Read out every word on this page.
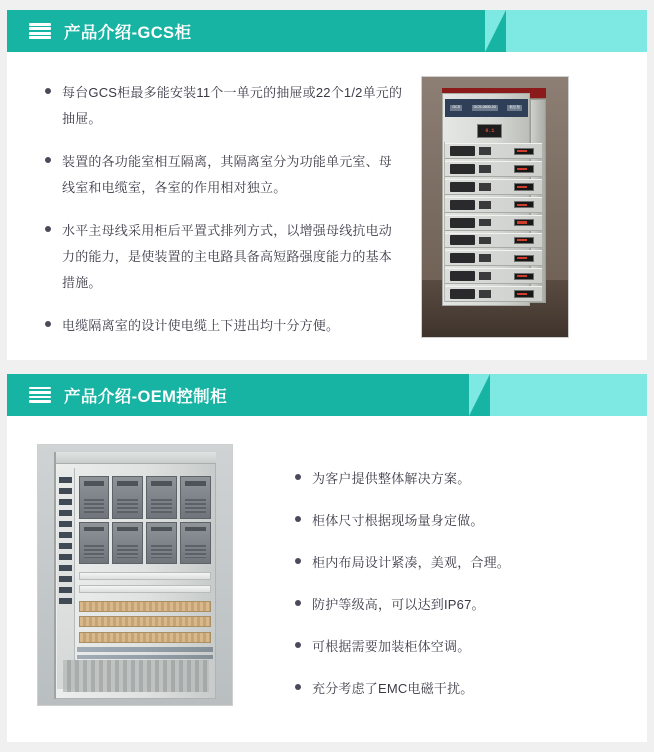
产品介绍-GCS柜
每台GCS柜最多能安装11个一单元的抽屉或22个1/2单元的抽屉。
装置的各功能室相互隔离，其隔离室分为功能单元室、母线室和电缆室，各室的作用相对独立。
水平主母线采用柜后平置式排列方式，以增强母线抗电动力的能力，是使装置的主电路具备高短路强度能力的基本措施。
电缆隔离室的设计使电缆上下进出均十分方便。
GCS	GCS-0600-03	低压柜
0.1
产品介绍-OEM控制柜
为客户提供整体解决方案。
柜体尺寸根据现场量身定做。
柜内布局设计紧凑，美观，合理。
防护等级高，可以达到IP67。
可根据需要加装柜体空调。
充分考虑了EMC电磁干扰。
